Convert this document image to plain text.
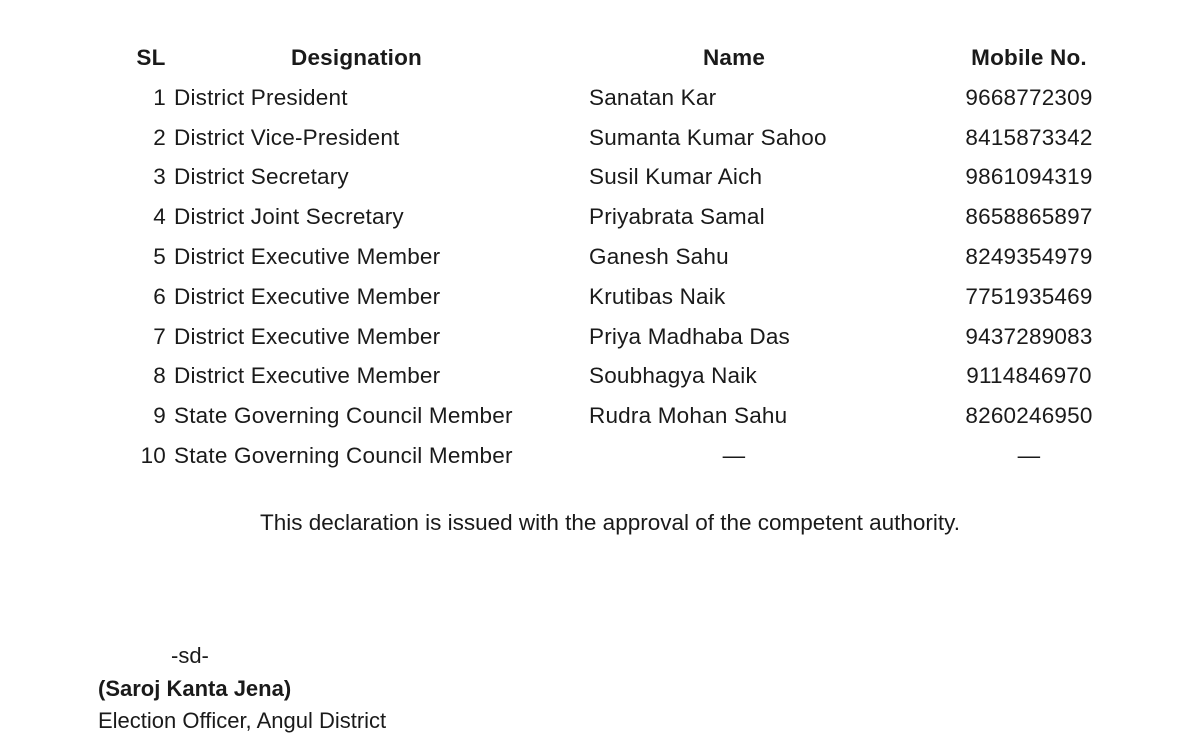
SL	Designation	Name	Mobile No.
1	District President	Sanatan Kar	9668772309
2	District Vice-President	Sumanta Kumar Sahoo	8415873342
3	District Secretary	Susil Kumar Aich	9861094319
4	District Joint Secretary	Priyabrata Samal	8658865897
5	District Executive Member	Ganesh Sahu	8249354979
6	District Executive Member	Krutibas Naik	7751935469
7	District Executive Member	Priya Madhaba Das	9437289083
8	District Executive Member	Soubhagya Naik	9114846970
9	State Governing Council Member	Rudra Mohan Sahu	8260246950
10	State Governing Council Member	—	—
This declaration is issued with the approval of the competent authority.
-sd-
(Saroj Kanta Jena)
Election Officer, Angul District
